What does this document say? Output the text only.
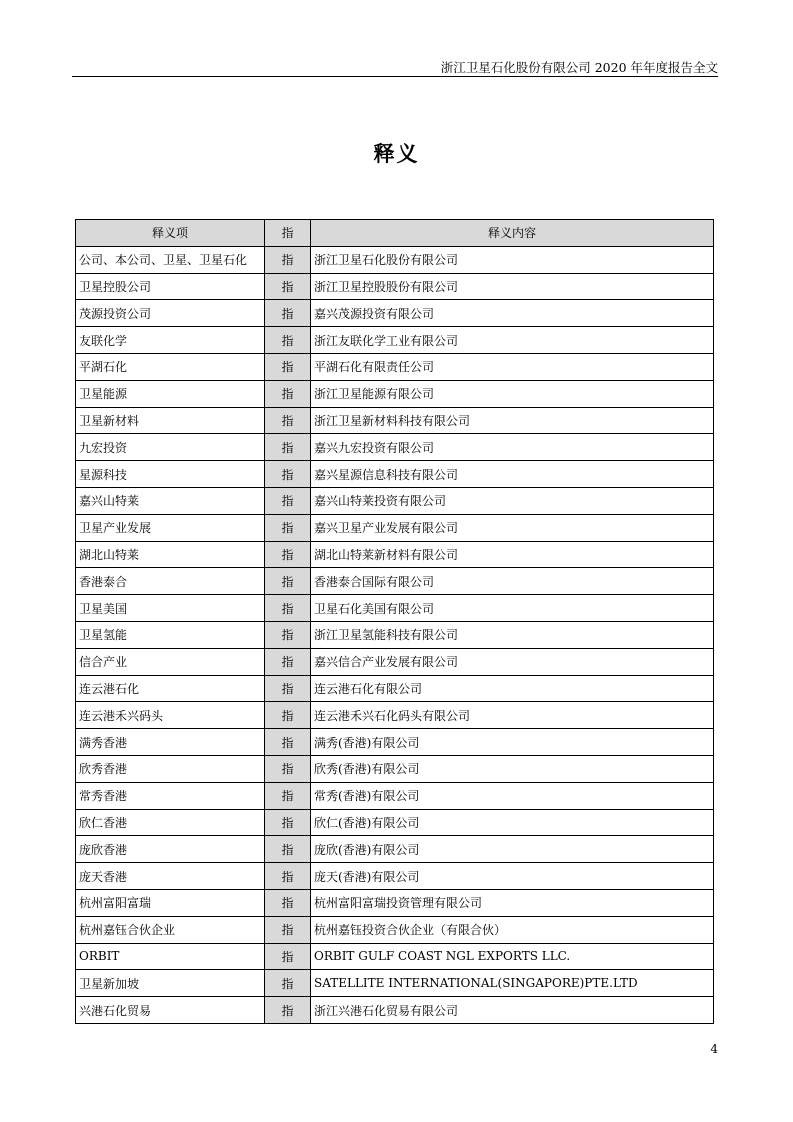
浙江卫星石化股份有限公司 2020 年年度报告全文
释义
释义项	指	释义内容
公司、本公司、卫星、卫星石化	指	浙江卫星石化股份有限公司
卫星控股公司	指	浙江卫星控股股份有限公司
茂源投资公司	指	嘉兴茂源投资有限公司
友联化学	指	浙江友联化学工业有限公司
平湖石化	指	平湖石化有限责任公司
卫星能源	指	浙江卫星能源有限公司
卫星新材料	指	浙江卫星新材料科技有限公司
九宏投资	指	嘉兴九宏投资有限公司
星源科技	指	嘉兴星源信息科技有限公司
嘉兴山特莱	指	嘉兴山特莱投资有限公司
卫星产业发展	指	嘉兴卫星产业发展有限公司
湖北山特莱	指	湖北山特莱新材料有限公司
香港泰合	指	香港泰合国际有限公司
卫星美国	指	卫星石化美国有限公司
卫星氢能	指	浙江卫星氢能科技有限公司
信合产业	指	嘉兴信合产业发展有限公司
连云港石化	指	连云港石化有限公司
连云港禾兴码头	指	连云港禾兴石化码头有限公司
满秀香港	指	满秀(香港)有限公司
欣秀香港	指	欣秀(香港)有限公司
常秀香港	指	常秀(香港)有限公司
欣仁香港	指	欣仁(香港)有限公司
庞欣香港	指	庞欣(香港)有限公司
庞天香港	指	庞天(香港)有限公司
杭州富阳富瑞	指	杭州富阳富瑞投资管理有限公司
杭州嘉钰合伙企业	指	杭州嘉钰投资合伙企业（有限合伙）
ORBIT	指	ORBIT GULF COAST NGL EXPORTS LLC.
卫星新加坡	指	SATELLITE INTERNATIONAL(SINGAPORE)PTE.LTD
兴港石化贸易	指	浙江兴港石化贸易有限公司
4
